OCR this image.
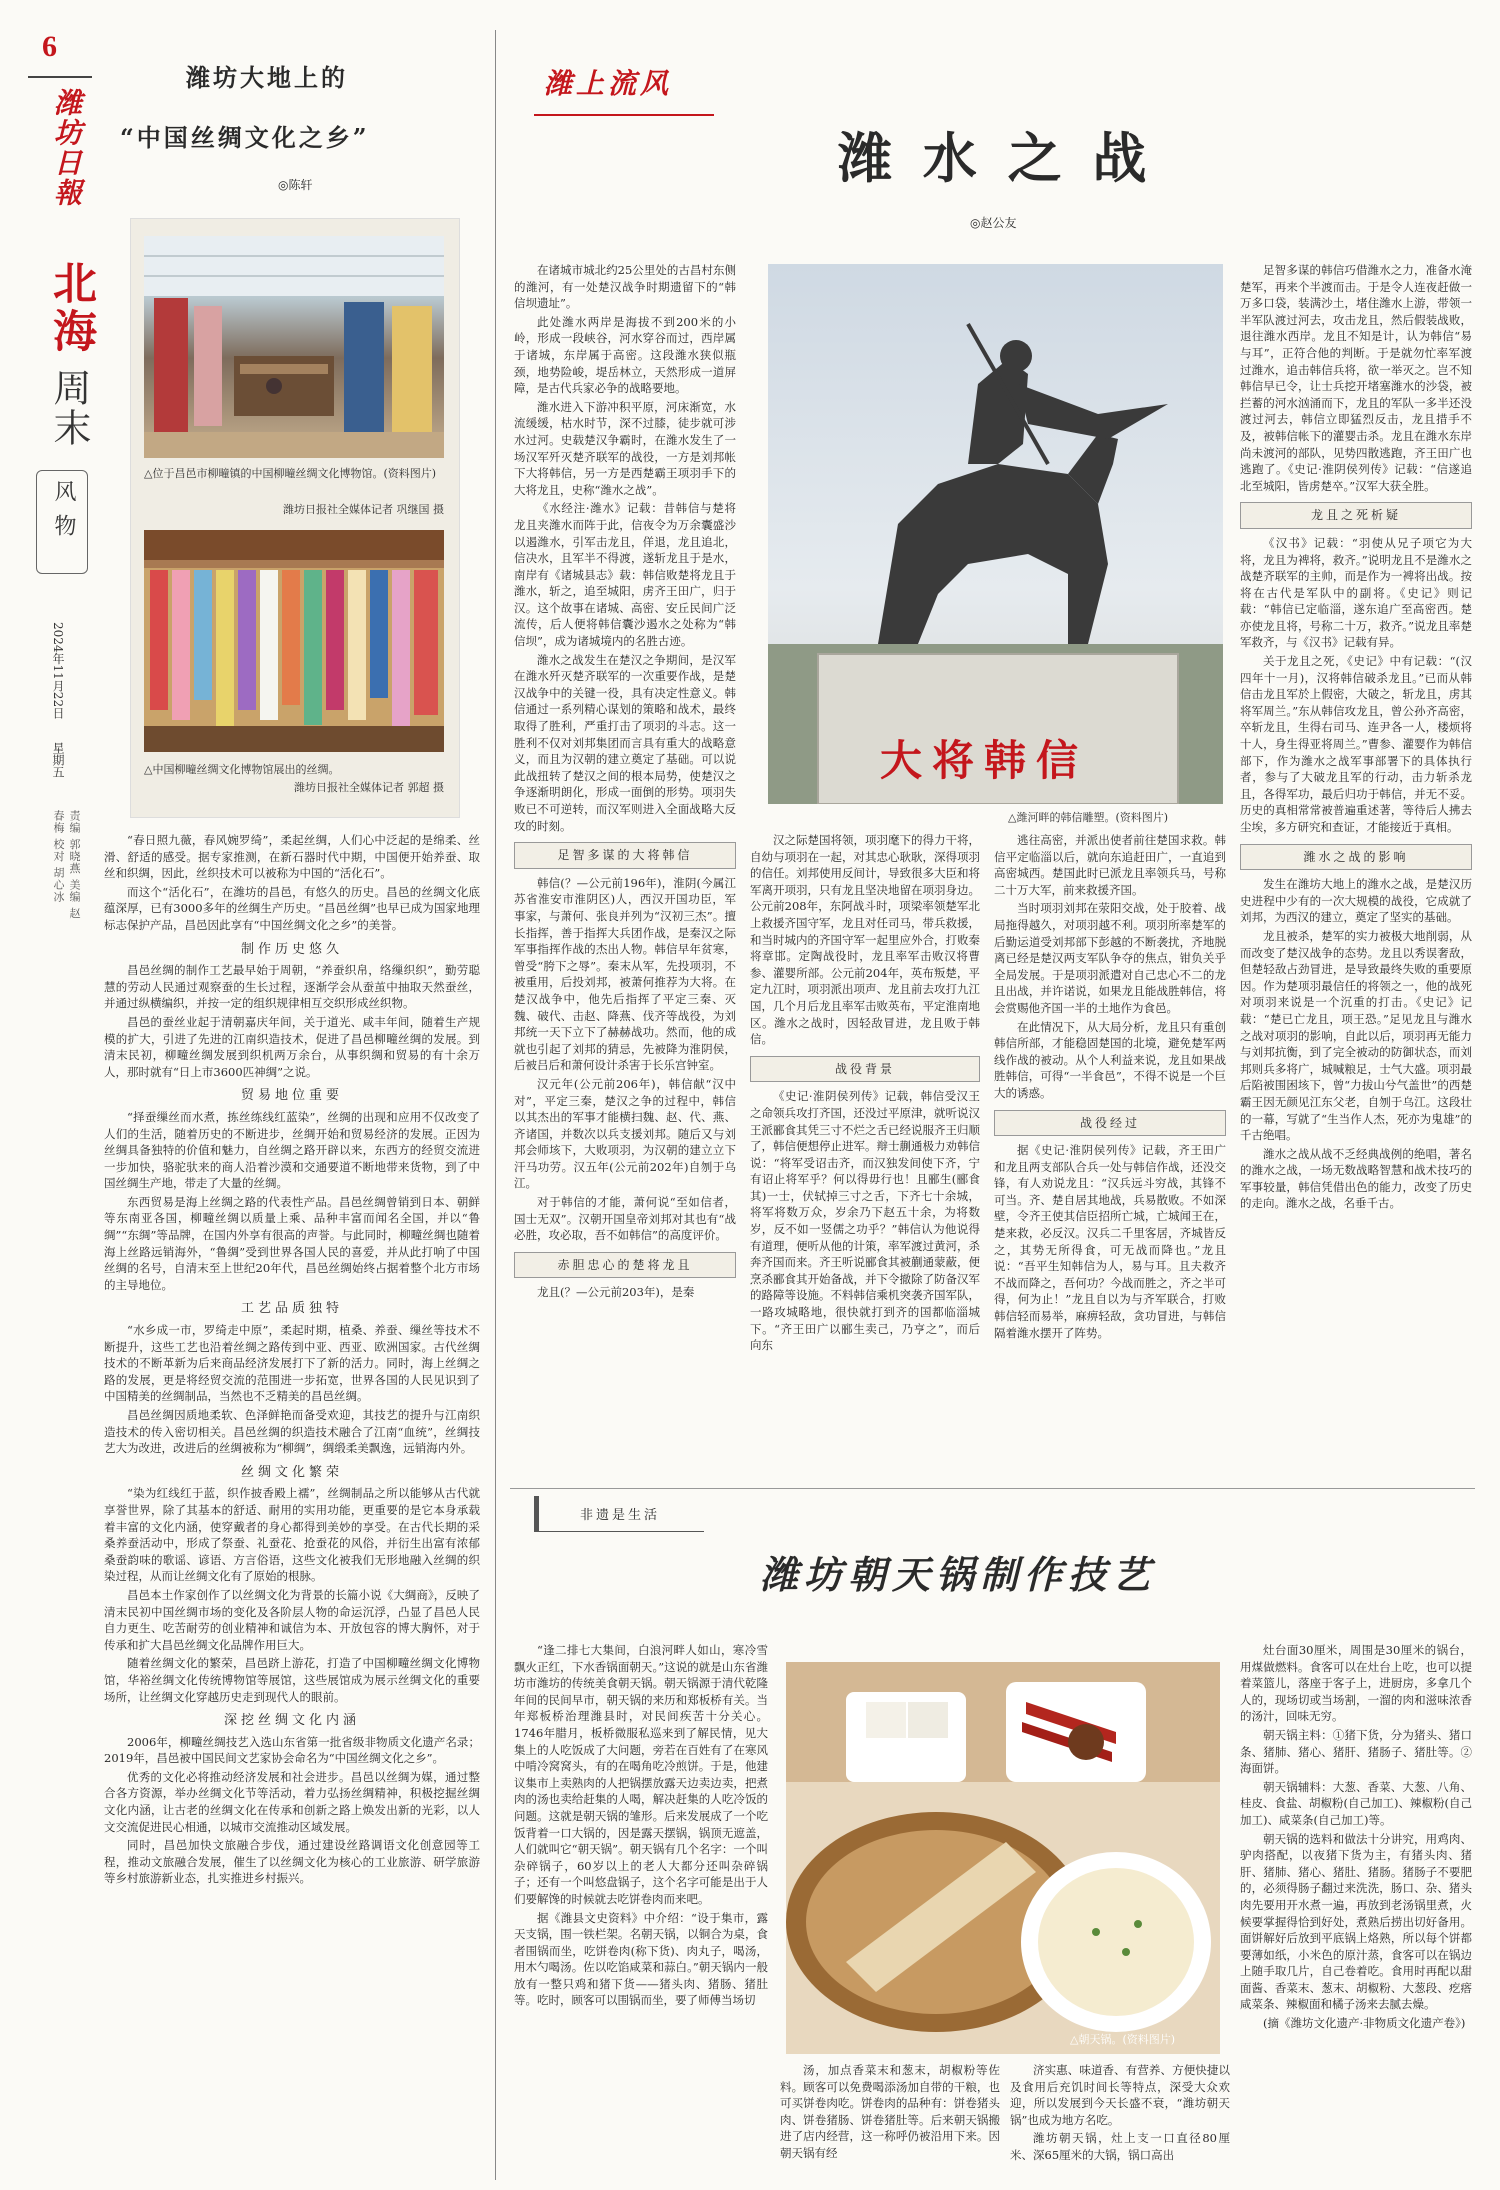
6
潍坊日報
北海
周末
风物
2024年11月22日
星期五
责编 郭晓燕 美编 赵春梅 校对 胡心冰
潍坊大地上的
“中国丝绸文化之乡”
◎陈轩
△位于昌邑市柳疃镇的中国柳疃丝绸文化博物馆。(资料图片)
潍坊日报社全媒体记者 巩继国 摄
△中国柳疃丝绸文化博物馆展出的丝绸。
潍坊日报社全媒体记者 郭超 摄

“春日照九薇，春风婉罗绮”，柔起丝绸，人们心中泛起的是绵柔、丝滑、舒适的感受。据专家推测，在新石器时代中期，中国便开始养蚕、取丝和织绸，因此，丝织技术可以被称为中国的“活化石”。

而这个“活化石”，在潍坊的昌邑，有悠久的历史。昌邑的丝绸文化底蕴深厚，已有3000多年的丝绸生产历史。“昌邑丝绸”也早已成为国家地理标志保护产品，昌邑因此享有“中国丝绸文化之乡”的美誉。

制作历史悠久

昌邑丝绸的制作工艺最早始于周朝，“养蚕织帛，络缫织织”，勤劳聪慧的劳动人民通过观察蚕的生长过程，逐渐学会从蚕茧中抽取天然蚕丝，并通过纵横编织，并按一定的组织规律相互交织形成丝织物。

昌邑的蚕丝业起于清朝嘉庆年间，关于道光、咸丰年间，随着生产规模的扩大，引进了先进的江南织造技术，促进了昌邑柳疃丝绸的发展。到清末民初，柳疃丝绸发展到织机两万余台，从事织绸和贸易的有十余万人，那时就有“日上市3600匹神绸”之说。

贸易地位重要

“择蚕缫丝而水煮，拣丝练线红蓝染”，丝绸的出现和应用不仅改变了人们的生活，随着历史的不断进步，丝绸开始和贸易经济的发展。正因为丝绸具备独特的价值和魅力，自丝绸之路开辟以来，东西方的经贸交流进一步加快，骆驼驮来的商人沿着沙漠和交通要道不断地带来货物，到了中国丝绸生产地，带走了大量的丝绸。

东西贸易是海上丝绸之路的代表性产品。昌邑丝绸曾销到日本、朝鲜等东南亚各国，柳疃丝绸以质量上乘、品种丰富而闻名全国，并以“鲁绸”“东绸”等品牌，在国内外享有很高的声誉。与此同时，柳疃丝绸也随着海上丝路远销海外，“鲁绸”受到世界各国人民的喜爱，并从此打响了中国丝绸的名号，自清末至上世纪20年代，昌邑丝绸始终占据着整个北方市场的主导地位。

工艺品质独特

“水乡成一市，罗绮走中原”，柔起时期，植桑、养蚕、缫丝等技术不断提升，这些工艺也沿着丝绸之路传到中亚、西亚、欧洲国家。古代丝绸技术的不断革新为后来商品经济发展打下了新的活力。同时，海上丝绸之路的发展，更是将经贸交流的范围进一步拓宽，世界各国的人民见识到了中国精美的丝绸制品，当然也不乏精美的昌邑丝绸。

昌邑丝绸因质地柔软、色泽鲜艳而备受欢迎，其技艺的提升与江南织造技术的传入密切相关。昌邑丝绸的织造技术融合了江南“血统”，丝绸技艺大为改进，改进后的丝绸被称为“柳绸”，绸缎柔美飘逸，远销海内外。

丝绸文化繁荣

“染为红线红于蓝，织作披香殿上襦”，丝绸制品之所以能够从古代就享誉世界，除了其基本的舒适、耐用的实用功能，更重要的是它本身承载着丰富的文化内涵，使穿戴者的身心都得到美妙的享受。在古代长期的采桑养蚕活动中，形成了祭蚕、礼蚕花、抢蚕花的风俗，并衍生出富有浓郁桑蚕韵味的歌谣、谚语、方言俗语，这些文化被我们无形地融入丝绸的织染过程，从而让丝绸文化有了原始的根脉。

昌邑本土作家创作了以丝绸文化为背景的长篇小说《大绸商》，反映了清末民初中国丝绸市场的变化及各阶层人物的命运沉浮，凸显了昌邑人民自力更生、吃苦耐劳的创业精神和诚信为本、开放包容的博大胸怀，对于传承和扩大昌邑丝绸文化品牌作用巨大。

随着丝绸文化的繁荣，昌邑跻上游花，打造了中国柳疃丝绸文化博物馆，华裕丝绸文化传统博物馆等展馆，这些展馆成为展示丝绸文化的重要场所，让丝绸文化穿越历史走到现代人的眼前。

深挖丝绸文化内涵

2006年，柳疃丝绸技艺入选山东省第一批省级非物质文化遗产名录；2019年，昌邑被中国民间文艺家协会命名为“中国丝绸文化之乡”。

优秀的文化必将推动经济发展和社会进步。昌邑以丝绸为媒，通过整合各方资源，举办丝绸文化节等活动，着力弘扬丝绸精神，积极挖掘丝绸文化内涵，让古老的丝绸文化在传承和创新之路上焕发出新的光彩，以人文交流促进民心相通，以城市交流推动区域发展。

同时，昌邑加快文旅融合步伐，通过建设丝路调语文化创意园等工程，推动文旅融合发展，催生了以丝绸文化为核心的工业旅游、研学旅游等乡村旅游新业态，扎实推进乡村振兴。

潍上流风
潍 水 之 战
◎赵公友

在诸城市城北约25公里处的古昌村东侧的潍河，有一处楚汉战争时期遗留下的“韩信坝遗址”。

此处潍水两岸是海拔不到200米的小岭，形成一段峡谷，河水穿谷而过，西岸属于诸城，东岸属于高密。这段潍水狭似瓶颈，地势险峻，堤岳林立，天然形成一道屏障，是古代兵家必争的战略要地。

潍水进入下游冲积平原，河床渐宽，水流缓缓，枯水时节，深不过膝，徒步就可涉水过河。史载楚汉争霸时，在潍水发生了一场汉军歼灭楚齐联军的战役，一方是刘邦帐下大将韩信，另一方是西楚霸王项羽手下的大将龙且，史称“潍水之战”。

《水经注·潍水》记载：昔韩信与楚将龙且夹潍水而阵于此，信夜令为万余囊盛沙以遏潍水，引军击龙且，佯退，龙且追北，信决水，且军半不得渡，遂斩龙且于是水，南岸有《诸城县志》载：韩信败楚将龙且于潍水，斩之，追至城阳，虏齐王田广，归于汉。这个故事在诸城、高密、安丘民间广泛流传，后人便将韩信囊沙遏水之处称为“韩信坝”，成为诸城境内的名胜古迹。

潍水之战发生在楚汉之争期间，是汉军在潍水歼灭楚齐联军的一次重要作战，是楚汉战争中的关键一役，具有决定性意义。韩信通过一系列精心谋划的策略和战术，最终取得了胜利，严重打击了项羽的斗志。这一胜利不仅对刘邦集团而言具有重大的战略意义，而且为汉朝的建立奠定了基础。可以说此战扭转了楚汉之间的根本局势，使楚汉之争逐渐明朗化，形成一面倒的形势。项羽失败已不可逆转，而汉军则进入全面战略大反攻的时刻。

足智多谋的大将韩信

韩信(？—公元前196年)，淮阴(今属江苏省淮安市淮阴区)人，西汉开国功臣，军事家，与萧何、张良并列为“汉初三杰”。擅长指挥，善于指挥大兵团作战，是秦汉之际军事指挥作战的杰出人物。韩信早年贫寒，曾受“胯下之辱”。秦末从军，先投项羽，不被重用，后投刘邦，被萧何推荐为大将。在楚汉战争中，他先后指挥了平定三秦、灭魏、破代、击赵、降燕、伐齐等战役，为刘邦统一天下立下了赫赫战功。然而，他的成就也引起了刘邦的猜忌，先被降为淮阴侯，后被吕后和萧何设计杀害于长乐宫钟室。

汉元年(公元前206年)，韩信献“汉中对”，平定三秦，楚汉之争的过程中，韩信以其杰出的军事才能横扫魏、赵、代、燕、齐诸国，并数次以兵支援刘邦。随后又与刘邦会师垓下，大败项羽，为汉朝的建立立下汗马功劳。汉五年(公元前202年)自刎于乌江。

对于韩信的才能，萧何说“至如信者，国士无双”。汉朝开国皇帝刘邦对其也有“战必胜，攻必取，吾不如韩信”的高度评价。

赤胆忠心的楚将龙且

龙且(？—公元前203年)，是秦

大将韩信
△潍河畔的韩信雕塑。(资料图片)

汉之际楚国将领，项羽麾下的得力干将，自幼与项羽在一起，对其忠心耿耿，深得项羽的信任。刘邦使用反间计，导致很多大臣和将军离开项羽，只有龙且坚决地留在项羽身边。公元前208年，东阿战斗时，项梁率领楚军北上救援齐国守军，龙且对任司马，带兵救援，和当时城内的齐国守军一起里应外合，打败秦将章邯。定陶战役时，龙且率军击败汉将曹参、灌婴所部。公元前204年，英布叛楚，平定九江时，项羽派出项声、龙且前去攻打九江国，几个月后龙且率军击败英布，平定淮南地区。潍水之战时，因轻敌冒进，龙且败于韩信。

战役背景

《史记·淮阴侯列传》记载，韩信受汉王之命领兵攻打齐国，还没过平原津，就听说汉王派郦食其凭三寸不烂之舌已经说服齐王归顺了，韩信便想停止进军。辩士蒯通极力劝韩信说：“将军受诏击齐，而汉独发间使下齐，宁有诏止将军乎？何以得毋行也！且郦生(郦食其)一士，伏轼掉三寸之舌，下齐七十余城，将军将数万众，岁余乃下赵五十余，为将数岁，反不如一竖儒之功乎？”韩信认为他说得有道理，便听从他的计策，率军渡过黄河，杀奔齐国而来。齐王听说郦食其被蒯通蒙蔽，便烹杀郦食其开始备战，并下令撤除了防备汉军的路障等设施。不料韩信乘机突袭齐国军队，一路攻城略地，很快就打到齐的国都临淄城下。“齐王田广以郦生卖己，乃亨之”，而后向东

逃往高密，并派出使者前往楚国求救。韩信平定临淄以后，就向东追赶田广，一直追到高密城西。楚国此时已派龙且率领兵马，号称二十万大军，前来救援齐国。

当时项羽刘邦在荥阳交战，处于胶着、战局拖得越久，对项羽越不利。项羽所率楚军的后勤运道受刘邦部下彭越的不断袭扰，齐地脱离已经是楚汉两支军队争夺的焦点，钳负关乎全局发展。于是项羽派遣对自己忠心不二的龙且出战，并许诺说，如果龙且能战胜韩信，将会赏赐他齐国一半的土地作为食邑。

在此情况下，从大局分析，龙且只有重创韩信所部，才能稳固楚国的北境，避免楚军两线作战的被动。从个人利益来说，龙且如果战胜韩信，可得“一半食邑”，不得不说是一个巨大的诱惑。

战役经过

据《史记·淮阴侯列传》记载，齐王田广和龙且两支部队合兵一处与韩信作战，还没交锋，有人劝说龙且：“汉兵远斗穷战，其锋不可当。齐、楚自居其地战，兵易散败。不如深壁，令齐王使其信臣招所亡城，亡城闻王在，楚来救，必反汉。汉兵二千里客居，齐城皆反之，其势无所得食，可无战而降也。”龙且说：“吾平生知韩信为人，易与耳。且夫救齐不战而降之，吾何功？今战而胜之，齐之半可得，何为止！”龙且自以为与齐军联合，打败韩信轻而易举，麻痹轻敌，贪功冒进，与韩信隔着潍水摆开了阵势。

足智多谋的韩信巧借潍水之力，准备水淹楚军，再来个半渡而击。于是令人连夜赶做一万多口袋，装满沙土，堵住潍水上游，带领一半军队渡过河去，攻击龙且，然后假装战败，退往潍水西岸。龙且不知是计，认为韩信“易与耳”，正符合他的判断。于是就勿忙率军渡过潍水，追击韩信兵将，欲一举灭之。岂不知韩信早已令，让士兵挖开堵塞潍水的沙袋，被拦蓄的河水汹涌而下，龙且的军队一多半还没渡过河去，韩信立即猛烈反击，龙且措手不及，被韩信帐下的灌婴击杀。龙且在潍水东岸尚未渡河的部队，见势四散逃跑，齐王田广也逃跑了。《史记·淮阴侯列传》记载：“信遂追北至城阳，皆虏楚卒。”汉军大获全胜。

龙且之死析疑

《汉书》记载：“羽使从兄子项它为大将，龙且为裨将，救齐。”说明龙且不是潍水之战楚齐联军的主帅，而是作为一裨将出战。按将在古代是军队中的副将。《史记》则记载：“韩信已定临淄，遂东追广至高密西。楚亦使龙且将，号称二十万，救齐。”说龙且率楚军救齐，与《汉书》记载有异。

关于龙且之死，《史记》中有记载：“(汉四年十一月)，汉将韩信破杀龙且。”已而从韩信击龙且军於上假密，大破之，斩龙且，虏其将军周兰。”东从韩信攻龙且，曾公孙齐高密，卒斩龙且，生得右司马、连尹各一人，楼烦将十人，身生得亚将周兰。”曹参、灌婴作为韩信部下，作为潍水之战军事部署下的具体执行者，参与了大破龙且军的行动，击力斩杀龙且，各得军功，最后归功于韩信，并无不妥。历史的真相常常被普遍重述著，等待后人拂去尘埃，多方研究和查证，才能接近于真相。

潍水之战的影响

发生在潍坊大地上的潍水之战，是楚汉历史进程中少有的一次大规模的战役，它成就了刘邦，为西汉的建立，奠定了坚实的基础。

龙且被杀，楚军的实力被极大地削弱，从而改变了楚汉战争的态势。龙且以秀误奢敌，但楚轻敌占劲冒进，是导致最终失败的重要原因。作为楚项羽最信任的将领之一，他的战死对项羽来说是一个沉重的打击。《史记》记载：“楚已亡龙且，项王恐。”足见龙且与潍水之战对项羽的影响，自此以后，项羽再无能力与刘邦抗衡，到了完全被动的防御状态，而刘邦则兵多将广，城喊粮足，士气大盛。项羽最后陷被围困垓下，曾“力拔山兮气盖世”的西楚霸王因无颜见江东父老，自刎于乌江。这段壮的一幕，写就了“生当作人杰，死亦为鬼雄”的千古绝唱。

潍水之战从战不乏经典战例的绝唱，著名的潍水之战，一场无数战略智慧和战术技巧的军事较量，韩信凭借出色的能力，改变了历史的走向。潍水之战，名垂千古。

非遗是生活
潍坊朝天锅制作技艺

“逢二排七大集间，白浪河畔人如山，寒冷雪飘火正红，下水香锅面朝天。”这说的就是山东省潍坊市潍坊的传统美食朝天锅。朝天锅源于清代乾隆年间的民间早市，朝天锅的来历和郑板桥有关。当年郑板桥治理潍县时，对民间疾苦十分关心。1746年腊月，板桥微服私巡来到了解民情，见大集上的人吃饭成了大问题，旁若在百姓有了在寒风中啃冷窝窝头，有的在喝角吃冷煎饼。于是，他建议集市上卖熟肉的人把锅摆放露天边卖边卖，把煮肉的汤也卖给赶集的人喝，解决赶集的人吃冷饭的问题。这就是朝天锅的雏形。后来发展成了一个吃饭背着一口大锅的，因是露天摆锅，锅顶无遮盖，人们就叫它“朝天锅”。朝天锅有几个名字：一个叫杂碎锅子，60岁以上的老人大都分还叫杂碎锅子；还有一个叫悠盘锅子，这个名字可能是出于人们要解馋的时候就去吃饼卷肉而来吧。

据《潍县文史资料》中介绍：“设于集市，露天支锅，围一铁栏架。名朝天锅，以铜合为桌，食者围锅而坐，吃饼卷肉(称下货)、肉丸子，喝汤，用木勺喝汤。佐以吃馅咸菜和蒜白。”朝天锅内一般放有一整只鸡和猪下货——猪头肉、猪肠、猪肚等。吃时，顾客可以围锅而坐，要了师傅当场切

△朝天锅。(资料图片)

汤，加点香菜末和葱末，胡椒粉等佐料。顾客可以免费喝添汤加自带的干粮，也可买饼卷肉吃。饼卷肉的品种有：饼卷猪头肉、饼卷猪肠、饼卷猪肚等。后来朝天锅搬进了店内经营，这一称呼仍被沿用下来。因朝天锅有经

济实惠、味道香、有营养、方便快捷以及食用后充饥时间长等特点，深受大众欢迎，所以发展到今天长盛不衰，“潍坊朝天锅”也成为地方名吃。

潍坊朝天锅，灶上支一口直径80厘米、深65厘米的大锅，锅口高出

灶台面30厘米，周围是30厘米的锅台，用煤做燃料。食客可以在灶台上吃，也可以提着菜篮儿，落座于客子上，进厨房，多拿几个人的，现场切或当场割，一溜的肉和滋味浓香的汤汁，回味无穷。

朝天锅主料：①猪下货，分为猪头、猪口条、猪肺、猪心、猪肝、猪肠子、猪肚等。②海面饼。

朝天锅辅料：大葱、香菜、大葱、八角、桂皮、食盐、胡椒粉(自己加工)、辣椒粉(自己加工)、咸菜条(自己加工)等。

朝天锅的选料和做法十分讲究，用鸡肉、驴肉搭配，以夜猪下货为主，有猪头肉、猪肝、猪肺、猪心、猪肚、猪肠。猪肠子不要肥的，必须得肠子翻过来洗洗，肠口、杂、猪头肉先要用开水煮一遍，再放到老汤锅里煮，火候要掌握得恰到好处，煮熟后捞出切好备用。面饼解好后放到平底锅上烙熟，所以每个饼都要薄如纸，小米色的原汁蒸，食客可以在锅边上随手取几片，自己卷着吃。食用时再配以甜面酱、香菜末、葱末、胡椒粉、大葱段、疙瘩咸菜条、辣椒面和橘子汤来去腻去燥。

(摘《潍坊文化遗产·非物质文化遗产卷》)
